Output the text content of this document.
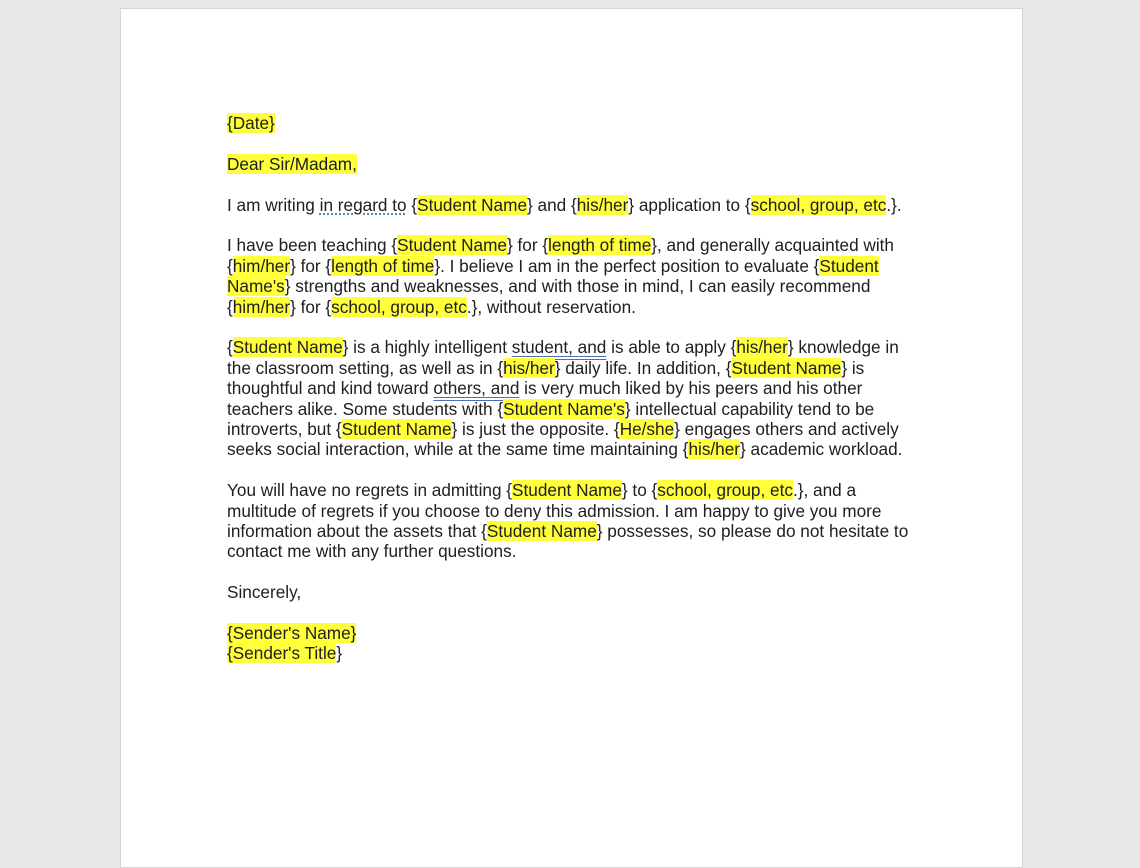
{Date}

Dear Sir/Madam,

I am writing in regard to {Student Name} and {his/her} application to {school, group, etc.}.

I have been teaching {Student Name} for {length of time}, and generally acquainted with {him/her} for {length of time}. I believe I am in the perfect position to evaluate {Student Name's} strengths and weaknesses, and with those in mind, I can easily recommend {him/her} for {school, group, etc.}, without reservation.

{Student Name} is a highly intelligent student, and is able to apply {his/her} knowledge in the classroom setting, as well as in {his/her} daily life. In addition, {Student Name} is thoughtful and kind toward others, and is very much liked by his peers and his other teachers alike. Some students with {Student Name's} intellectual capability tend to be introverts, but {Student Name} is just the opposite. {He/she} engages others and actively seeks social interaction, while at the same time maintaining {his/her} academic workload.

You will have no regrets in admitting {Student Name} to {school, group, etc.}, and a multitude of regrets if you choose to deny this admission. I am happy to give you more information about the assets that {Student Name} possesses, so please do not hesitate to contact me with any further questions.

Sincerely,

{Sender's Name}
{Sender's Title}
